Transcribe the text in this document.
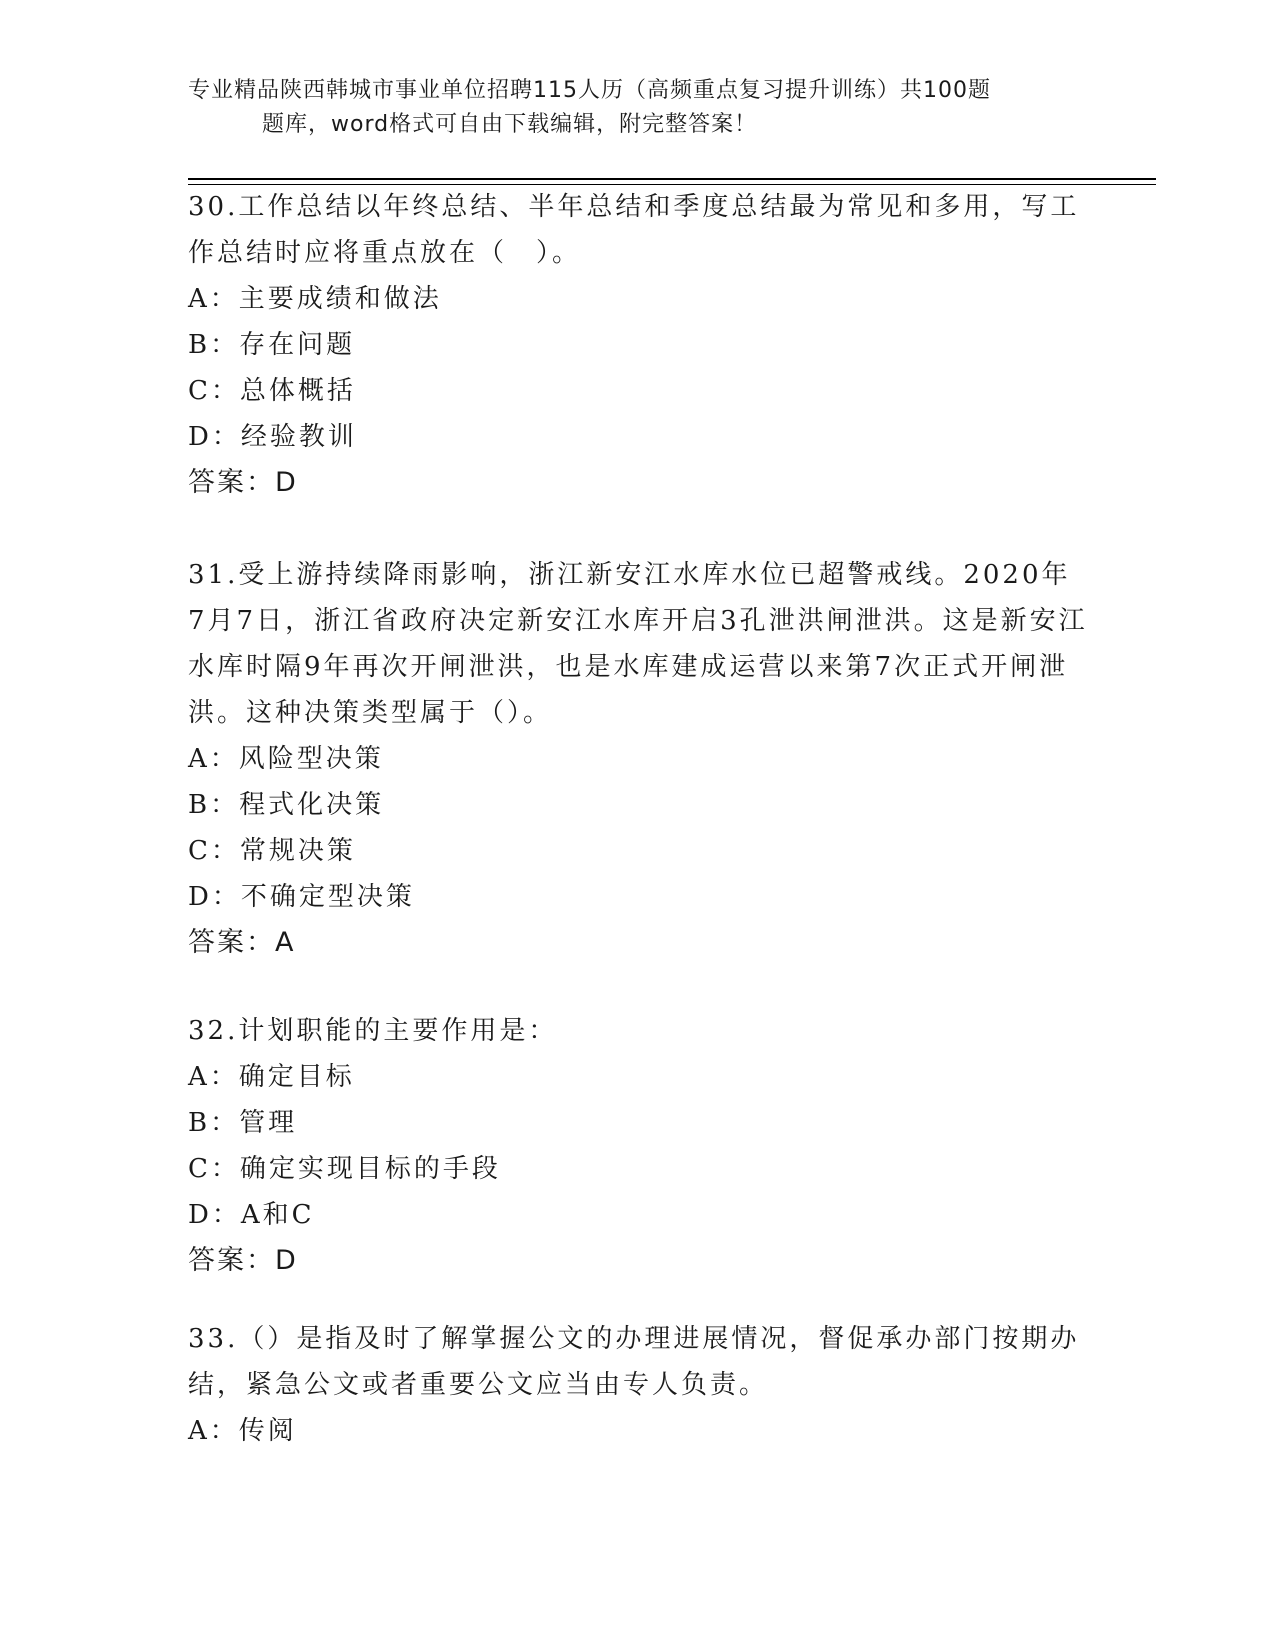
专业精品陕西韩城市事业单位招聘115人历（高频重点复习提升训练）共100题
题库，word格式可自由下载编辑，附完整答案！
30.工作总结以年终总结、半年总结和季度总结最为常见和多用，写工作总结时应将重点放在（　）。
A：主要成绩和做法
B：存在问题
C：总体概括
D：经验教训
答案：D
31.受上游持续降雨影响，浙江新安江水库水位已超警戒线。2020年7月7日，浙江省政府决定新安江水库开启3孔泄洪闸泄洪。这是新安江水库时隔9年再次开闸泄洪，也是水库建成运营以来第7次正式开闸泄洪。这种决策类型属于（）。
A：风险型决策
B：程式化决策
C：常规决策
D：不确定型决策
答案：A
32.计划职能的主要作用是：
A：确定目标
B：管理
C：确定实现目标的手段
D：A和C
答案：D
33.（）是指及时了解掌握公文的办理进展情况，督促承办部门按期办结，紧急公文或者重要公文应当由专人负责。
A：传阅
